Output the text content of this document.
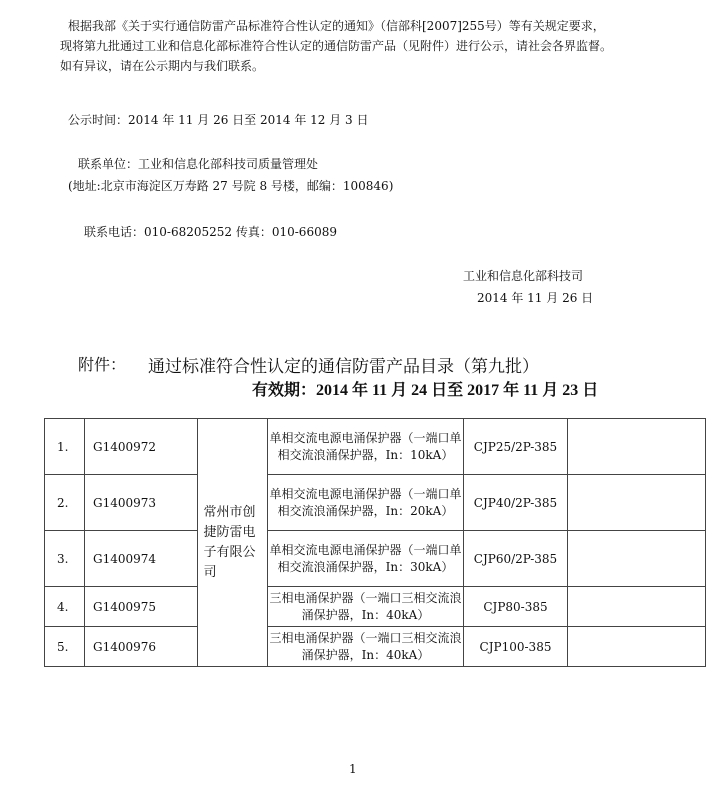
根据我部《关于实行通信防雷产品标准符合性认定的通知》（信部科[2007]255号）等有关规定要求，
现将第九批通过工业和信息化部标准符合性认定的通信防雷产品（见附件）进行公示，请社会各界监督。
如有异议，请在公示期内与我们联系。
公示时间：2014 年 11 月 26 日至 2014 年 12 月 3 日
联系单位：工业和信息化部科技司质量管理处
(地址:北京市海淀区万寿路 27 号院 8 号楼，邮编：100846)
联系电话：010-68205252 传真：010-66089
工业和信息化部科技司
2014 年 11 月 26 日
附件： 通过标准符合性认定的通信防雷产品目录（第九批）
有效期：2014 年 11 月 24 日至 2017 年 11 月 23 日
1.	G1400972	常州市创捷防雷电子有限公司	单相交流电源电涌保护器（一端口单相交流浪涌保护器，In：10kA）	CJP25/2P-385	
2.	G1400973		单相交流电源电涌保护器（一端口单相交流浪涌保护器，In：20kA）	CJP40/2P-385	
3.	G1400974		单相交流电源电涌保护器（一端口单相交流浪涌保护器，In：30kA）	CJP60/2P-385	
4.	G1400975		三相电涌保护器（一端口三相交流浪涌保护器，In：40kA）	CJP80-385	
5.	G1400976		三相电涌保护器（一端口三相交流浪涌保护器，In：40kA）	CJP100-385	
1
